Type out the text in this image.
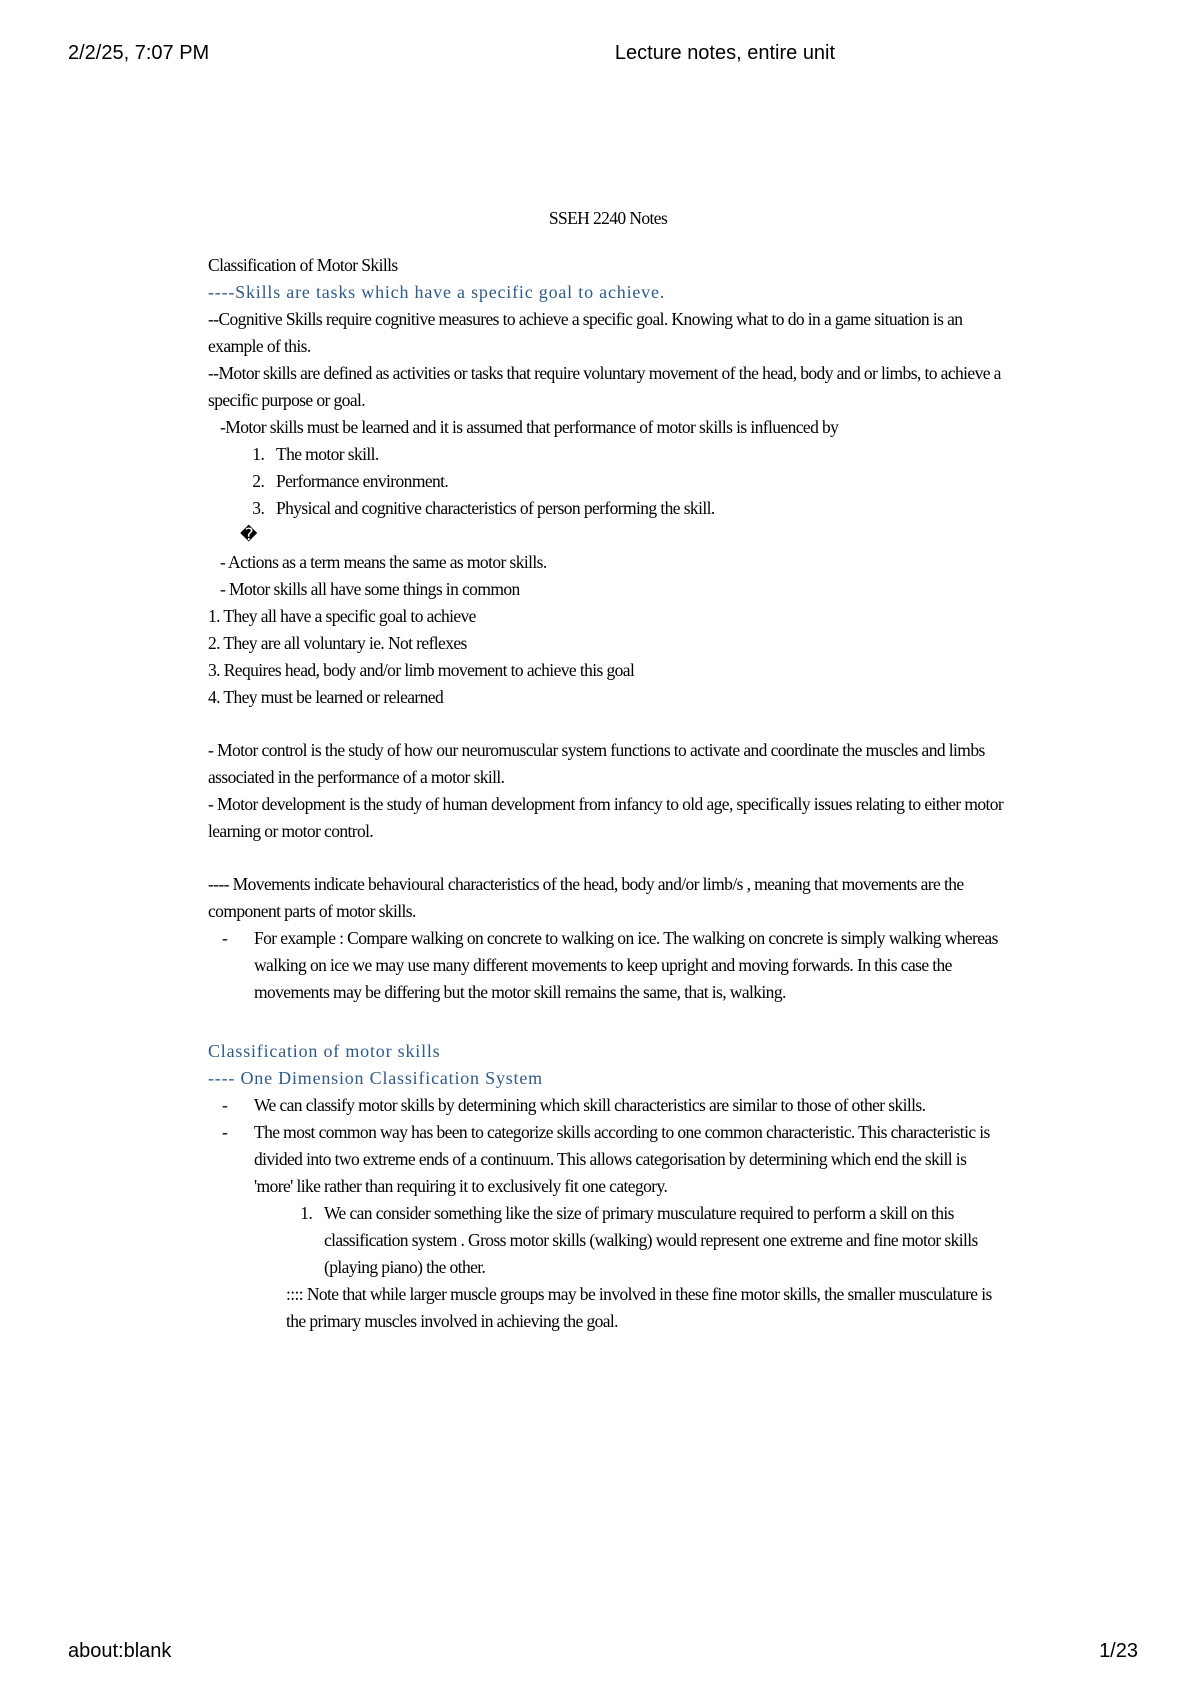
2/2/25, 7:07 PM	Lecture notes, entire unit

SSEH 2240 Notes

Classification of Motor Skills

----Skills are tasks which have a specific goal to achieve.

--Cognitive Skills require cognitive measures to achieve a specific goal. Knowing what to do in a game situation is an example of this.

--Motor skills are defined as activities or tasks that require voluntary movement of the head, body and or limbs, to achieve a specific purpose or goal.

-Motor skills must be learned and it is assumed that performance of motor skills is influenced by

1. The motor skill.
2. Performance environment.
3. Physical and cognitive characteristics of person performing the skill.

�

- Actions as a term means the same as motor skills.

- Motor skills all have some things in common

1. They all have a specific goal to achieve

2. They are all voluntary ie. Not reflexes

3. Requires head, body and/or limb movement to achieve this goal

4. They must be learned or relearned

- Motor control is the study of how our neuromuscular system functions to activate and coordinate the muscles and limbs associated in the performance of a motor skill.

- Motor development is the study of human development from infancy to old age, specifically issues relating to either motor learning or motor control.

---- Movements indicate behavioural characteristics of the head, body and/or limb/s , meaning that movements are the component parts of motor skills.

- For example : Compare walking on concrete to walking on ice. The walking on concrete is simply walking whereas walking on ice we may use many different movements to keep upright and moving forwards. In this case the movements may be differing but the motor skill remains the same, that is, walking.

Classification of motor skills

---- One Dimension Classification System

- We can classify motor skills by determining which skill characteristics are similar to those of other skills.
- The most common way has been to categorize skills according to one common characteristic. This characteristic is divided into two extreme ends of a continuum. This allows categorisation by determining which end the skill is 'more' like rather than requiring it to exclusively fit one category.
1. We can consider something like the size of primary musculature required to perform a skill on this classification system . Gross motor skills (walking) would represent one extreme and fine motor skills (playing piano) the other.

:::: Note that while larger muscle groups may be involved in these fine motor skills, the smaller musculature is the primary muscles involved in achieving the goal.

about:blank	1/23
